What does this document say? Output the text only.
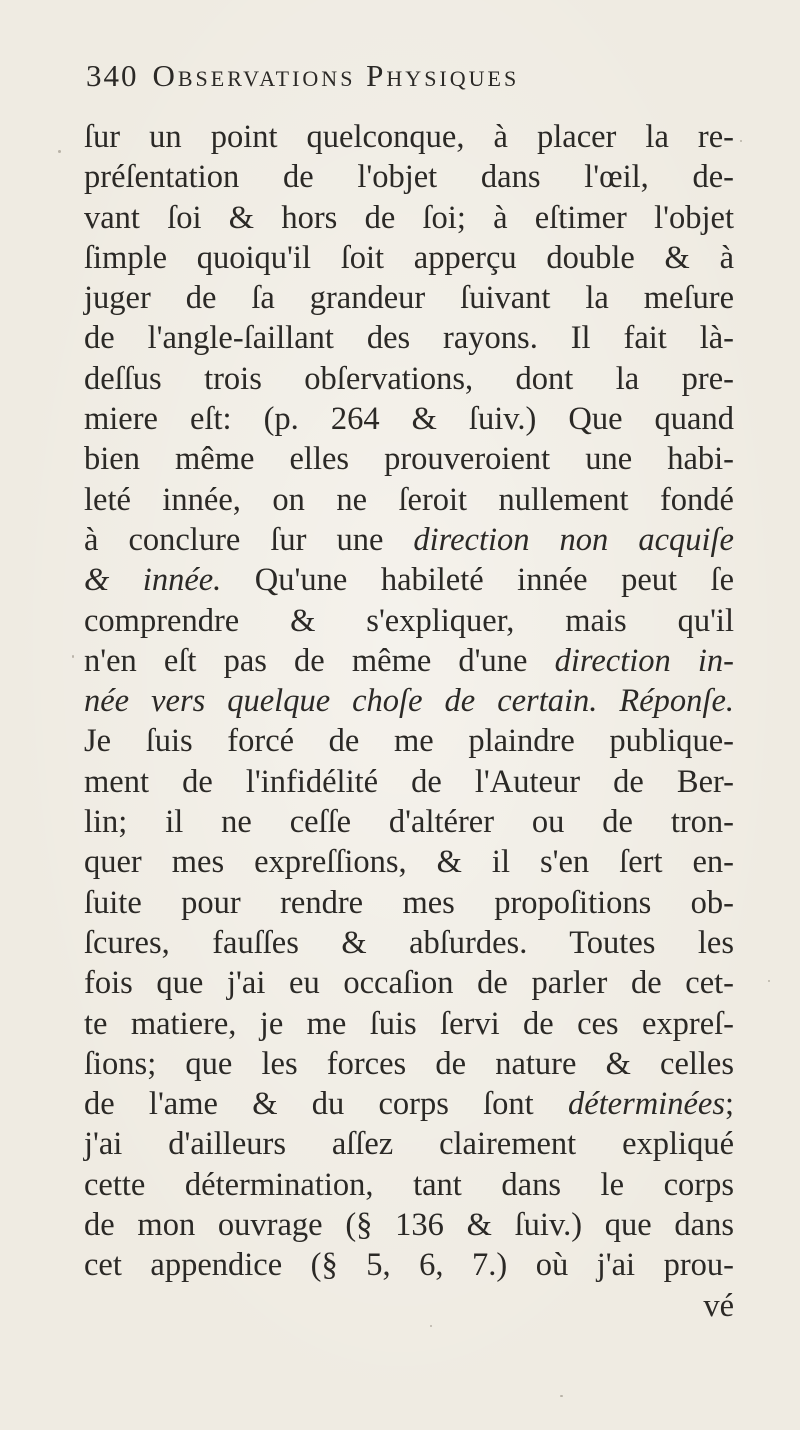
340 Observations Physiques
ſur un point quelconque, à placer la re-
préſentation de l'objet dans l'œil, de-
vant ſoi & hors de ſoi; à eſtimer l'objet
ſimple quoiqu'il ſoit apperçu double & à
juger de ſa grandeur ſuivant la meſure
de l'angle-ſaillant des rayons. Il fait là-
deſſus trois obſervations, dont la pre-
miere eſt: (p. 264 & ſuiv.) Que quand
bien même elles prouveroient une habi-
leté innée, on ne ſeroit nullement fondé
à conclure ſur une direction non acquiſe
& innée. Qu'une habileté innée peut ſe
comprendre & s'expliquer, mais qu'il
n'en eſt pas de même d'une direction in-
née vers quelque choſe de certain. Réponſe.
Je ſuis forcé de me plaindre publique-
ment de l'infidélité de l'Auteur de Ber-
lin; il ne ceſſe d'altérer ou de tron-
quer mes expreſſions, & il s'en ſert en-
ſuite pour rendre mes propoſitions ob-
ſcures, fauſſes & abſurdes. Toutes les
fois que j'ai eu occaſion de parler de cet-
te matiere, je me ſuis ſervi de ces expreſ-
ſions; que les forces de nature & celles
de l'ame & du corps ſont déterminées;
j'ai d'ailleurs aſſez clairement expliqué
cette détermination, tant dans le corps
de mon ouvrage (§ 136 & ſuiv.) que dans
cet appendice (§ 5, 6, 7.) où j'ai prou-
vé
